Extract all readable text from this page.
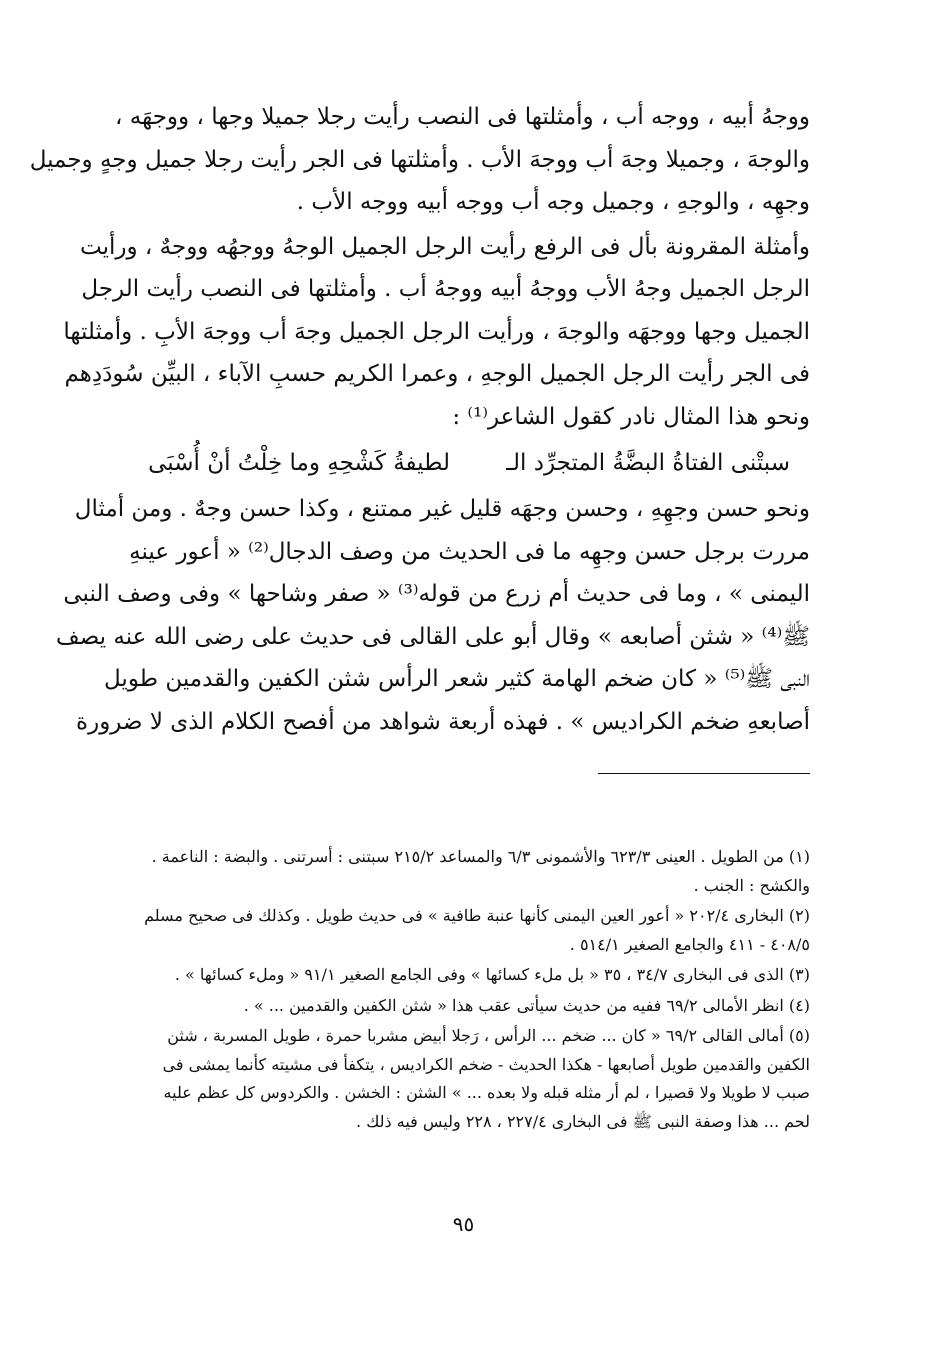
ووجهُ أبيه ، ووجه أب ، وأمثلتها فى النصب رأيت رجلا جميلا وجها ، ووجهَه ،
والوجهَ ، وجميلا وجهَ أب ووجهَ الأب . وأمثلتها فى الجر رأيت رجلا جميل وجهٍ وجميل
وجهِه ، والوجهِ ، وجميل وجه أب ووجه أبيه ووجه الأب .

وأمثلة المقرونة بأل فى الرفع رأيت الرجل الجميل الوجهُ ووجهُه ووجهٌ ، ورأيت
الرجل الجميل وجهُ الأب ووجهُ أبيه ووجهُ أب . وأمثلتها فى النصب رأيت الرجل
الجميل وجها ووجهَه والوجهَ ، ورأيت الرجل الجميل وجهَ أب ووجهَ الأبِ . وأمثلتها
فى الجر رأيت الرجل الجميل الوجهِ ، وعمرا الكريم حسبِ الآباء ، البيِّن سُودَدِهم
ونحو هذا المثال نادر كقول الشاعر⁽¹⁾ :

سبتْنى الفتاةُ البضَّةُ المتجرِّد الـ
لطيفةُ كَشْحِهِ وما خِلْتُ أنْ أُسْبَى

ونحو حسن وجهِهِ ، وحسن وجهَه قليل غير ممتنع ، وكذا حسن وجهٌ . ومن أمثال
مررت برجل حسن وجهِه ما فى الحديث من وصف الدجال⁽²⁾ « أعور عينهِ
اليمنى » ، وما فى حديث أم زرع من قوله⁽³⁾ « صفر وشاحها » وفى وصف النبى
ﷺ⁽⁴⁾ « شثن أصابعه » وقال أبو على القالى فى حديث على رضى الله عنه يصف
النبى ﷺ⁽⁵⁾ « كان ضخم الهامة كثير شعر الرأس شثن الكفين والقدمين طويل
أصابعهِ ضخم الكراديس » . فهذه أربعة شواهد من أفصح الكلام الذى لا ضرورة

(١) من الطويل . العينى ٦٢٣/٣ والأشمونى ٦/٣ والمساعد ٢١٥/٢ سبتنى : أسرتنى . والبضة : الناعمة .
والكشح : الجنب .

(٢) البخارى ٢٠٢/٤ « أعور العين اليمنى كأنها عنبة طافية » فى حديث طويل . وكذلك فى صحيح مسلم
٤٠٨/٥ - ٤١١ والجامع الصغير ٥١٤/١ .

(٣) الذى فى البخارى ٣٤/٧ ، ٣٥ « بل ملء كسائها » وفى الجامع الصغير ٩١/١ « وملء كسائها » .

(٤) انظر الأمالى ٦٩/٢ ففيه من حديث سيأتى عقب هذا « شثن الكفين والقدمين ... » .

(٥) أمالى القالى ٦٩/٢ « كان ... ضخم ... الرأس ، رَجلا أبيض مشربا حمرة ، طويل المسربة ، شثن
الكفين والقدمين طويل أصابعها - هكذا الحديث - ضخم الكراديس ، يتكفأ فى مشيته كأنما يمشى فى
صبب لا طويلا ولا قصيرا ، لم أر مثله قبله ولا بعده ... » الشثن : الخشن . والكردوس كل عظم عليه
لحم ... هذا وصفة النبى ﷺ فى البخارى ٢٢٧/٤ ، ٢٢٨ وليس فيه ذلك .

٩٥
